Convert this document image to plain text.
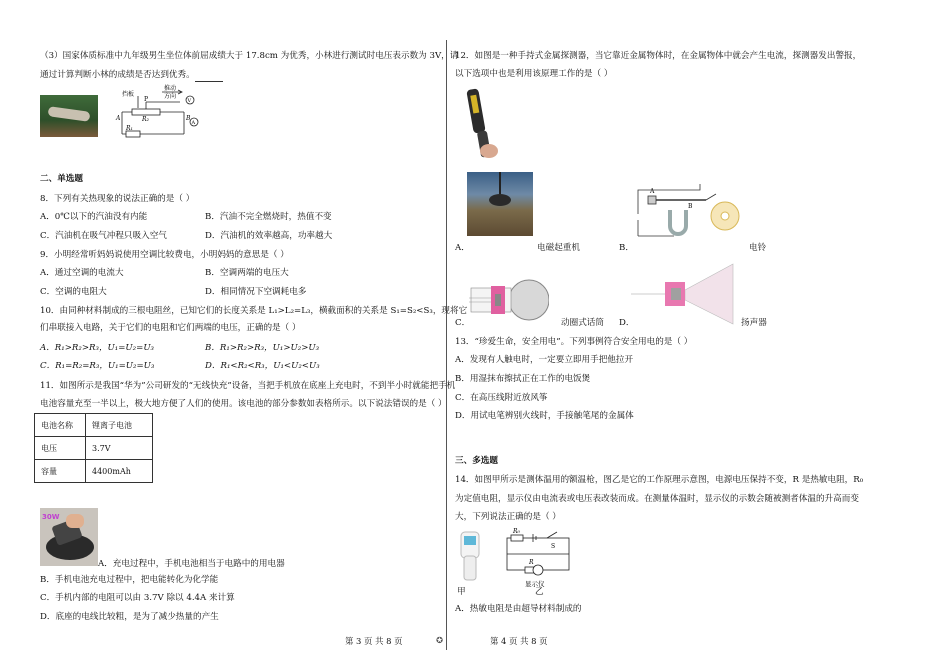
（3）国家体质标准中九年级男生坐位体前屈成绩大于 17.8cm 为优秀，小林进行测试时电压表示数为 3V，请
通过计算判断小林的成绩是否达到优秀。
推动
方向
挡板
P
A	B
R₂
R₁
V
A
二、单选题
8．下列有关热现象的说法正确的是（ ）
A．0℃以下的汽油没有内能	B．汽油不完全燃烧时，热值不变
C．汽油机在吸气冲程只吸入空气	D．汽油机的效率越高，功率越大
9．小明经常听妈妈说使用空调比较费电，小明妈妈的意思是（ ）
A．通过空调的电流大	B．空调两端的电压大
C．空调的电阻大	D．相同情况下空调耗电多
10．由同种材料制成的三根电阻丝，已知它们的长度关系是 L₁>L₂=L₃，横截面积的关系是 S₁=S₂<S₃，现将它
们串联接入电路，关于它们的电阻和它们两端的电压，正确的是（ ）
A．R₁>R₂>R₃，U₁=U₂=U₃	B．R₁>R₂>R₃，U₁>U₂>U₃
C．R₁=R₂=R₃，U₁=U₂=U₃	D．R₁<R₂<R₃，U₁<U₂<U₃
11．如图所示是我国“华为”公司研发的“无线快充”设备，当把手机放在底座上充电时，不到半小时就能把手机
电池容量充至一半以上，极大地方便了人们的使用。该电池的部分参数如表格所示。以下说法错误的是（ ）
电池名称	锂离子电池
电压	3.7V
容量	4400mAh
30W
A．充电过程中，手机电池相当于电路中的用电器
B．手机电池充电过程中，把电能转化为化学能
C．手机内部的电阻可以由 3.7V 除以 4.4A 来计算
D．底座的电线比较粗，是为了减少热量的产生
12．如图是一种手持式金属探测器，当它靠近金属物体时，在金属物体中就会产生电流，探测器发出警报，
以下选项中也是利用该原理工作的是（ ）
A．	电磁起重机
A
B
B．	电铃
C．	动圈式话筒 D．	扬声器
13．“珍爱生命，安全用电”。下列事例符合安全用电的是（ ）
A．发现有人触电时，一定要立即用手把他拉开
B．用湿抹布擦拭正在工作的电饭煲
C．在高压线附近放风筝
D．用试电笔辨别火线时，手接触笔尾的金属体
三、多选题
14．如图甲所示是测体温用的额温枪，图乙是它的工作原理示意图，电源电压保持不变，R 是热敏电阻，R₀
为定值电阻，显示仪由电流表或电压表改装而成。在测量体温时，显示仪的示数会随被测者体温的升高而变
大，下列说法正确的是（ ）
甲
R₀
S
R
显示仪
乙
A．热敏电阻是由超导材料制成的
第 3 页 共 8 页	✪	第 4 页 共 8 页
